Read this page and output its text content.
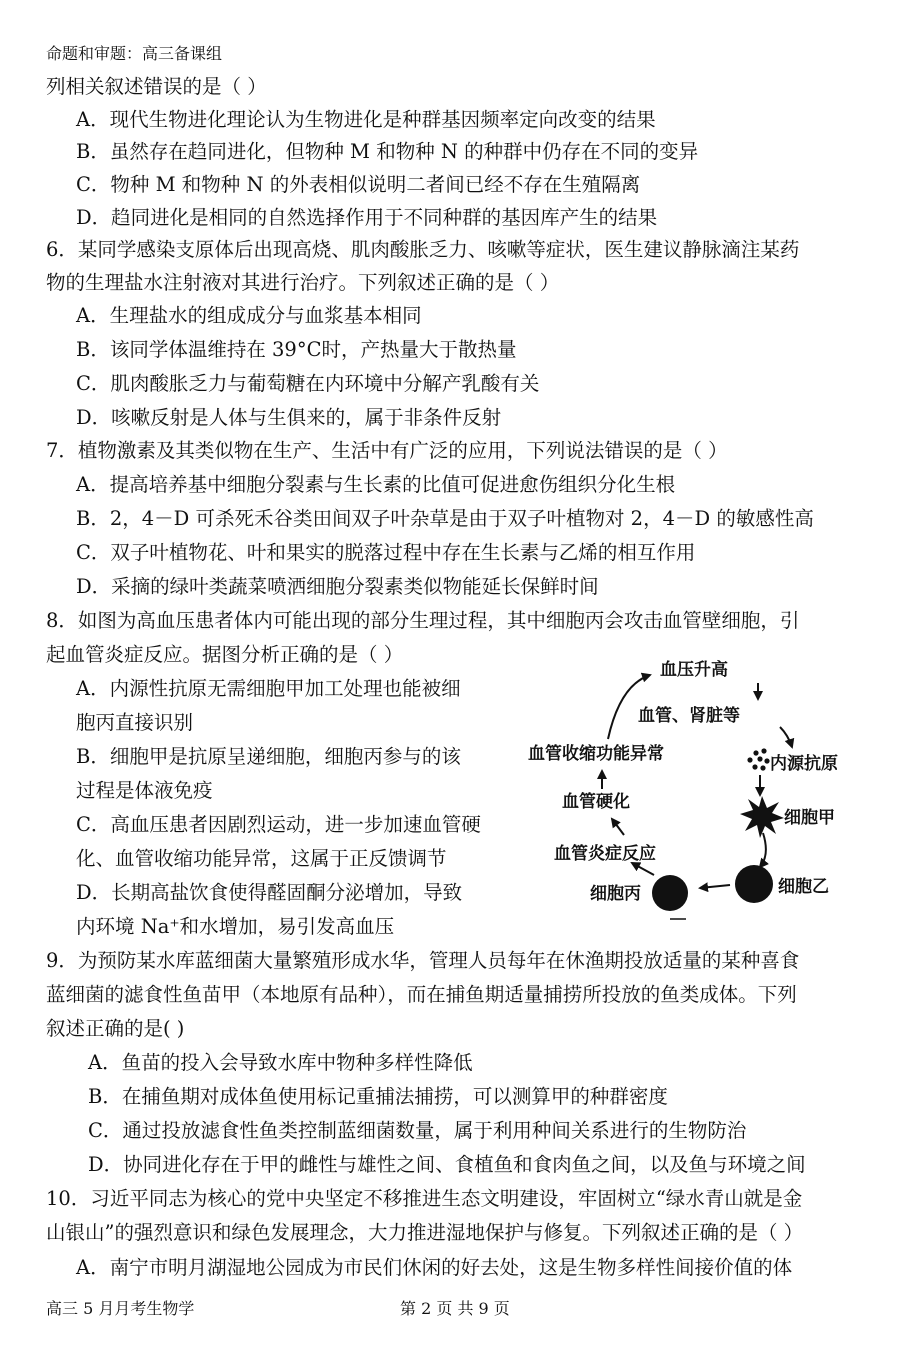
命题和审题：高三备课组
列相关叙述错误的是（ ）
A．现代生物进化理论认为生物进化是种群基因频率定向改变的结果
B．虽然存在趋同进化，但物种 M 和物种 N 的种群中仍存在不同的变异
C．物种 M 和物种 N 的外表相似说明二者间已经不存在生殖隔离
D．趋同进化是相同的自然选择作用于不同种群的基因库产生的结果
6．某同学感染支原体后出现高烧、肌肉酸胀乏力、咳嗽等症状，医生建议静脉滴注某药
物的生理盐水注射液对其进行治疗。下列叙述正确的是（ ）
A．生理盐水的组成成分与血浆基本相同
B．该同学体温维持在 39°C时，产热量大于散热量
C．肌肉酸胀乏力与葡萄糖在内环境中分解产乳酸有关
D．咳嗽反射是人体与生俱来的，属于非条件反射
7．植物激素及其类似物在生产、生活中有广泛的应用，下列说法错误的是（ ）
A．提高培养基中细胞分裂素与生长素的比值可促进愈伤组织分化生根
B．2，4－D 可杀死禾谷类田间双子叶杂草是由于双子叶植物对 2，4－D 的敏感性高
C．双子叶植物花、叶和果实的脱落过程中存在生长素与乙烯的相互作用
D．采摘的绿叶类蔬菜喷洒细胞分裂素类似物能延长保鲜时间
8．如图为高血压患者体内可能出现的部分生理过程，其中细胞丙会攻击血管壁细胞，引
起血管炎症反应。据图分析正确的是（ ）
A．内源性抗原无需细胞甲加工处理也能被细
胞丙直接识别
B．细胞甲是抗原呈递细胞，细胞丙参与的该
过程是体液免疫
C．高血压患者因剧烈运动，进一步加速血管硬
化、血管收缩功能异常，这属于正反馈调节
D．长期高盐饮食使得醛固酮分泌增加，导致
内环境 Na⁺和水增加，易引发高血压
血压升高
血管、肾脏等
血管收缩功能异常	内源抗原
血管硬化
细胞甲
血管炎症反应
细胞乙
细胞丙
9．为预防某水库蓝细菌大量繁殖形成水华，管理人员每年在休渔期投放适量的某种喜食
蓝细菌的滤食性鱼苗甲（本地原有品种），而在捕鱼期适量捕捞所投放的鱼类成体。下列
叙述正确的是( )
A．鱼苗的投入会导致水库中物种多样性降低
B．在捕鱼期对成体鱼使用标记重捕法捕捞，可以测算甲的种群密度
C．通过投放滤食性鱼类控制蓝细菌数量，属于利用种间关系进行的生物防治
D．协同进化存在于甲的雌性与雄性之间、食植鱼和食肉鱼之间，以及鱼与环境之间
10．习近平同志为核心的党中央坚定不移推进生态文明建设，牢固树立“绿水青山就是金
山银山”的强烈意识和绿色发展理念，大力推进湿地保护与修复。下列叙述正确的是（ ）
A．南宁市明月湖湿地公园成为市民们休闲的好去处，这是生物多样性间接价值的体
高三 5 月月考生物学	第 2 页 共 9 页
